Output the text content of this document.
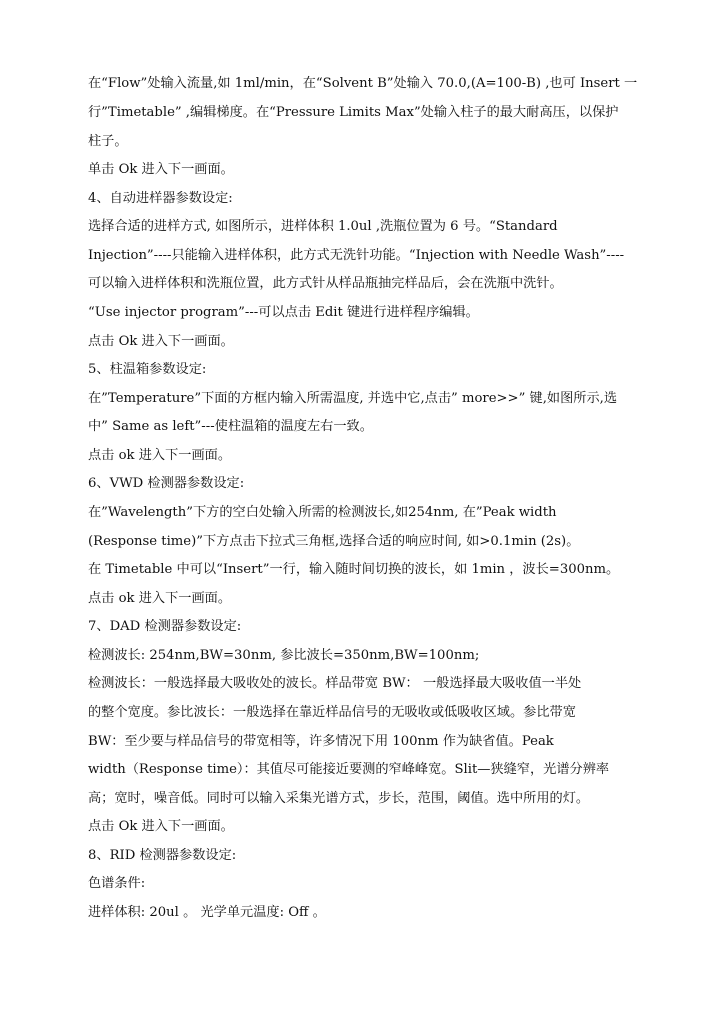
在“Flow”处输入流量,如 1ml/min，在“Solvent B”处输入 70.0,(A=100-B) ,也可 Insert 一
行”Timetable” ,编辑梯度。在“Pressure Limits Max”处输入柱子的最大耐高压，以保护
柱子。
单击 Ok 进入下一画面。
4、自动进样器参数设定:
选择合适的进样方式, 如图所示，进样体积 1.0ul ,洗瓶位置为 6 号。“Standard
Injection”----只能输入进样体积，此方式无洗针功能。“Injection with Needle Wash”----
可以输入进样体积和洗瓶位置，此方式针从样品瓶抽完样品后，会在洗瓶中洗针。
“Use injector program”---可以点击 Edit 键进行进样程序编辑。
点击 Ok 进入下一画面。
5、柱温箱参数设定:
在”Temperature”下面的方框内输入所需温度, 并选中它,点击” more>>” 键,如图所示,选
中” Same as left”---使柱温箱的温度左右一致。
点击 ok 进入下一画面。
6、VWD 检测器参数设定:
在”Wavelength”下方的空白处输入所需的检测波长,如254nm, 在”Peak width
(Response time)”下方点击下拉式三角框,选择合适的响应时间, 如>0.1min (2s)。
在 Timetable 中可以“Insert”一行，输入随时间切换的波长，如 1min ，波长=300nm。
点击 ok 进入下一画面。
7、DAD 检测器参数设定:
检测波长: 254nm,BW=30nm, 参比波长=350nm,BW=100nm;
检测波长：一般选择最大吸收处的波长。样品带宽 BW： 一般选择最大吸收值一半处
的整个宽度。参比波长：一般选择在靠近样品信号的无吸收或低吸收区域。参比带宽
BW：至少要与样品信号的带宽相等，许多情况下用 100nm 作为缺省值。Peak
width（Response time）：其值尽可能接近要测的窄峰峰宽。Slit—狭缝窄，光谱分辨率
高；宽时，噪音低。同时可以输入采集光谱方式，步长，范围，阈值。选中所用的灯。
点击 Ok 进入下一画面。
8、RID 检测器参数设定:
色谱条件:
进样体积: 20ul 。 光学单元温度: Off 。
